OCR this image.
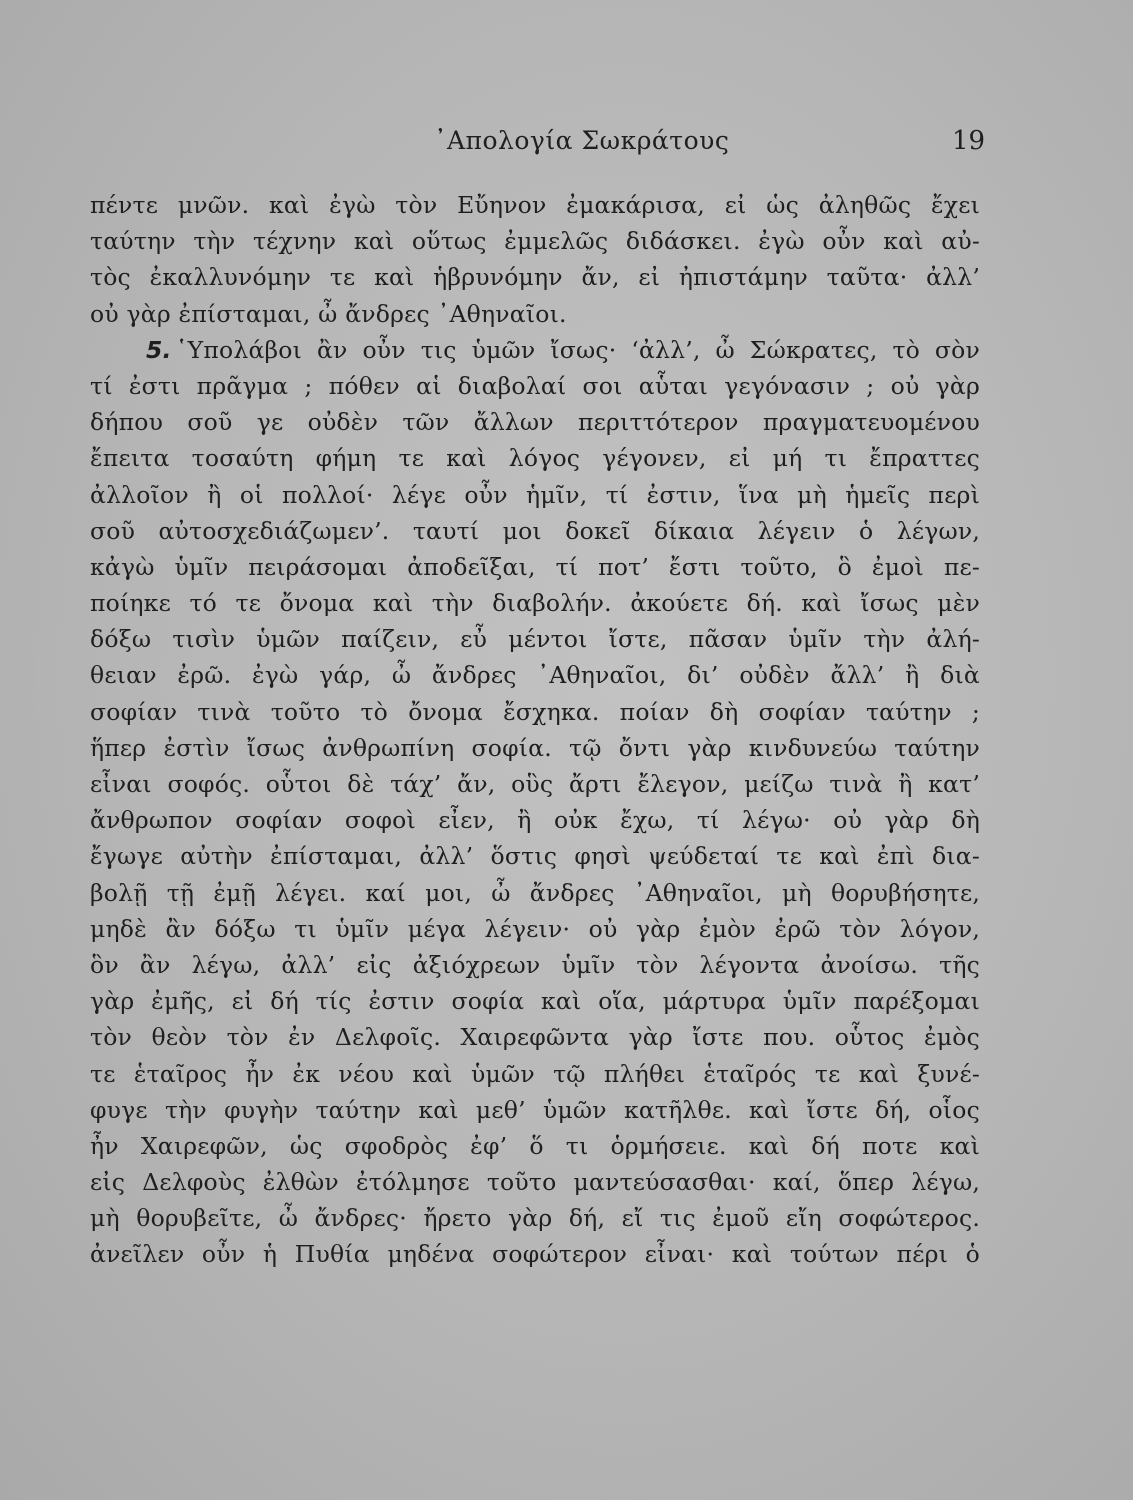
᾿Απολογία Σωκράτους	19
πέντε μνῶν. καὶ ἐγὼ τὸν Εὔηνον ἐμακάρισα, εἰ ὡς ἀληθῶς ἔχει
ταύτην τὴν τέχνην καὶ οὕτως ἐμμελῶς διδάσκει. ἐγὼ οὖν καὶ αὐ-
τὸς ἐκαλλυνόμην τε καὶ ἡβρυνόμην ἄν, εἰ ἠπιστάμην ταῦτα· ἀλλ’
οὐ γὰρ ἐπίσταμαι, ὦ ἄνδρες ᾿Αθηναῖοι.
5. ῾Υπολάβοι ἂν οὖν τις ὑμῶν ἴσως· ‘ἀλλ’, ὦ Σώκρατες, τὸ σὸν
τί ἐστι πρᾶγμα ; πόθεν αἱ διαβολαί σοι αὗται γεγόνασιν ; οὐ γὰρ
δήπου σοῦ γε οὐδὲν τῶν ἄλλων περιττότερον πραγματευομένου
ἔπειτα τοσαύτη φήμη τε καὶ λόγος γέγονεν, εἰ μή τι ἔπραττες
ἀλλοῖον ἢ οἱ πολλοί· λέγε οὖν ἡμῖν, τί ἐστιν, ἵνα μὴ ἡμεῖς περὶ
σοῦ αὐτοσχεδιάζωμεν’. ταυτί μοι δοκεῖ δίκαια λέγειν ὁ λέγων,
κἀγὼ ὑμῖν πειράσομαι ἀποδεῖξαι, τί ποτ’ ἔστι τοῦτο, ὃ ἐμοὶ πε-
ποίηκε τό τε ὄνομα καὶ τὴν διαβολήν. ἀκούετε δή. καὶ ἴσως μὲν
δόξω τισὶν ὑμῶν παίζειν, εὖ μέντοι ἴστε, πᾶσαν ὑμῖν τὴν ἀλή-
θειαν ἐρῶ. ἐγὼ γάρ, ὦ ἄνδρες ᾿Αθηναῖοι, δι’ οὐδὲν ἄλλ’ ἢ διὰ
σοφίαν τινὰ τοῦτο τὸ ὄνομα ἔσχηκα. ποίαν δὴ σοφίαν ταύτην ;
ἥπερ ἐστὶν ἴσως ἀνθρωπίνη σοφία. τῷ ὄντι γὰρ κινδυνεύω ταύτην
εἶναι σοφός. οὗτοι δὲ τάχ’ ἄν, οὓς ἄρτι ἔλεγον, μείζω τινὰ ἢ κατ’
ἄνθρωπον σοφίαν σοφοὶ εἶεν, ἢ οὐκ ἔχω, τί λέγω· οὐ γὰρ δὴ
ἔγωγε αὐτὴν ἐπίσταμαι, ἀλλ’ ὅστις φησὶ ψεύδεταί τε καὶ ἐπὶ δια-
βολῇ τῇ ἐμῇ λέγει. καί μοι, ὦ ἄνδρες ᾿Αθηναῖοι, μὴ θορυβήσητε,
μηδὲ ἂν δόξω τι ὑμῖν μέγα λέγειν· οὐ γὰρ ἐμὸν ἐρῶ τὸν λόγον,
ὃν ἂν λέγω, ἀλλ’ εἰς ἀξιόχρεων ὑμῖν τὸν λέγοντα ἀνοίσω. τῆς
γὰρ ἐμῆς, εἰ δή τίς ἐστιν σοφία καὶ οἵα, μάρτυρα ὑμῖν παρέξομαι
τὸν θεὸν τὸν ἐν Δελφοῖς. Χαιρεφῶντα γὰρ ἴστε που. οὗτος ἐμὸς
τε ἑταῖρος ἦν ἐκ νέου καὶ ὑμῶν τῷ πλήθει ἑταῖρός τε καὶ ξυνέ-
φυγε τὴν φυγὴν ταύτην καὶ μεθ’ ὑμῶν κατῆλθε. καὶ ἴστε δή, οἷος
ἦν Χαιρεφῶν, ὡς σφοδρὸς ἐφ’ ὅ τι ὁρμήσειε. καὶ δή ποτε καὶ
εἰς Δελφοὺς ἐλθὼν ἐτόλμησε τοῦτο μαντεύσασθαι· καί, ὅπερ λέγω,
μὴ θορυβεῖτε, ὦ ἄνδρες· ἤρετο γὰρ δή, εἴ τις ἐμοῦ εἴη σοφώτερος.
ἀνεῖλεν οὖν ἡ Πυθία μηδένα σοφώτερον εἶναι· καὶ τούτων πέρι ὁ
